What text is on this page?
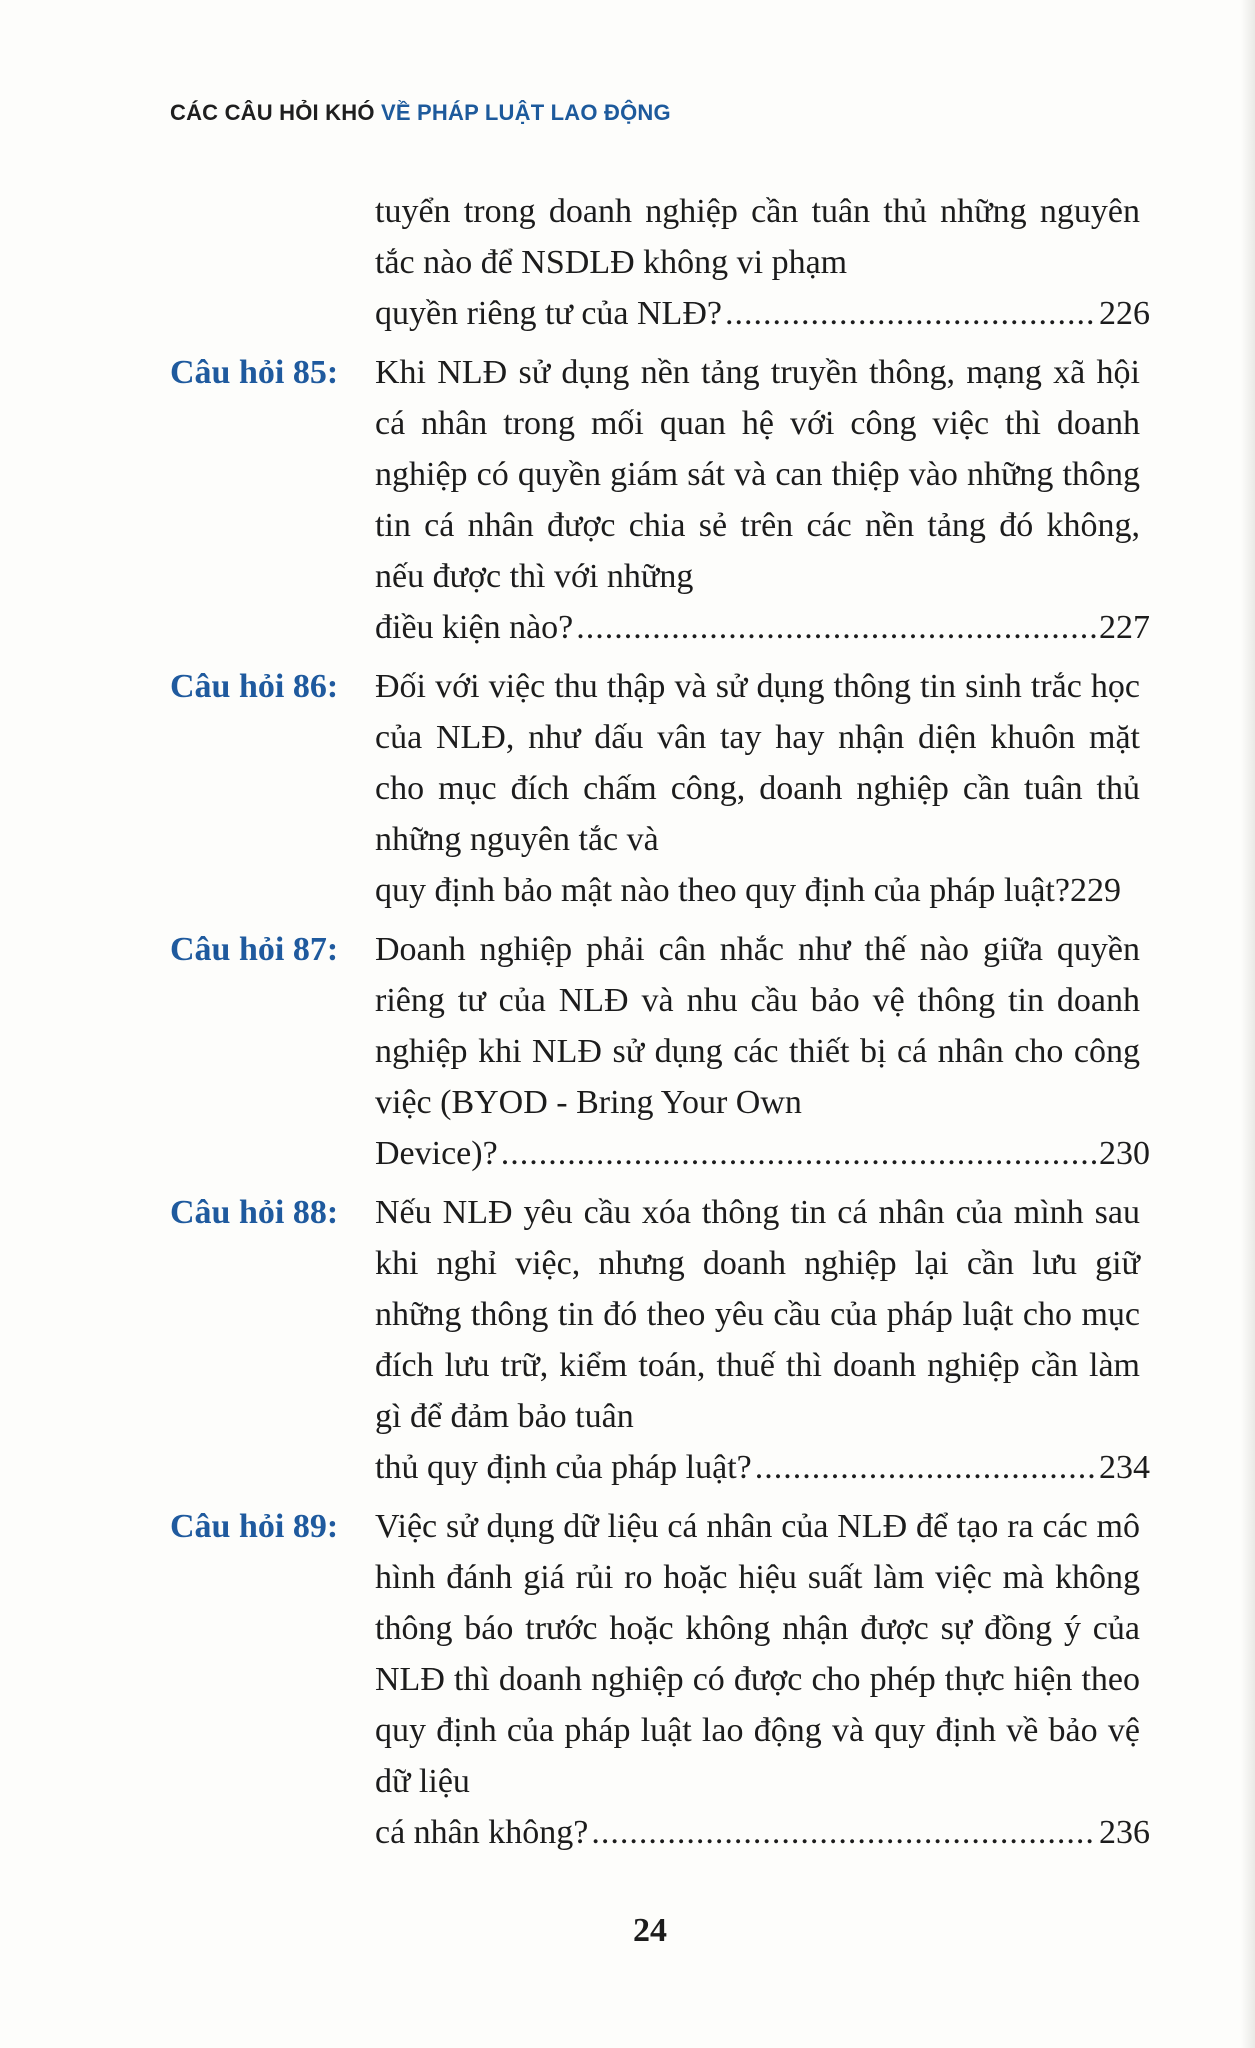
CÁC CÂU HỎI KHÓ VỀ PHÁP LUẬT LAO ĐỘNG
tuyển trong doanh nghiệp cần tuân thủ những nguyên tắc nào để NSDLĐ không vi phạm
quyền riêng tư của NLĐ? .....	226
Câu hỏi 85: Khi NLĐ sử dụng nền tảng truyền thông, mạng xã hội cá nhân trong mối quan hệ với công việc thì doanh nghiệp có quyền giám sát và can thiệp vào những thông tin cá nhân được chia sẻ trên các nền tảng đó không, nếu được thì với những
điều kiện nào? .....	227
Câu hỏi 86: Đối với việc thu thập và sử dụng thông tin sinh trắc học của NLĐ, như dấu vân tay hay nhận diện khuôn mặt cho mục đích chấm công, doanh nghiệp cần tuân thủ những nguyên tắc và
quy định bảo mật nào theo quy định của pháp luật?229
Câu hỏi 87: Doanh nghiệp phải cân nhắc như thế nào giữa quyền riêng tư của NLĐ và nhu cầu bảo vệ thông tin doanh nghiệp khi NLĐ sử dụng các thiết bị cá nhân cho công việc (BYOD - Bring Your Own
Device)? .....	230
Câu hỏi 88: Nếu NLĐ yêu cầu xóa thông tin cá nhân của mình sau khi nghỉ việc, nhưng doanh nghiệp lại cần lưu giữ những thông tin đó theo yêu cầu của pháp luật cho mục đích lưu trữ, kiểm toán, thuế thì doanh nghiệp cần làm gì để đảm bảo tuân
thủ quy định của pháp luật? .....	234
Câu hỏi 89: Việc sử dụng dữ liệu cá nhân của NLĐ để tạo ra các mô hình đánh giá rủi ro hoặc hiệu suất làm việc mà không thông báo trước hoặc không nhận được sự đồng ý của NLĐ thì doanh nghiệp có được cho phép thực hiện theo quy định của pháp luật lao động và quy định về bảo vệ dữ liệu
cá nhân không? .....	236
24
